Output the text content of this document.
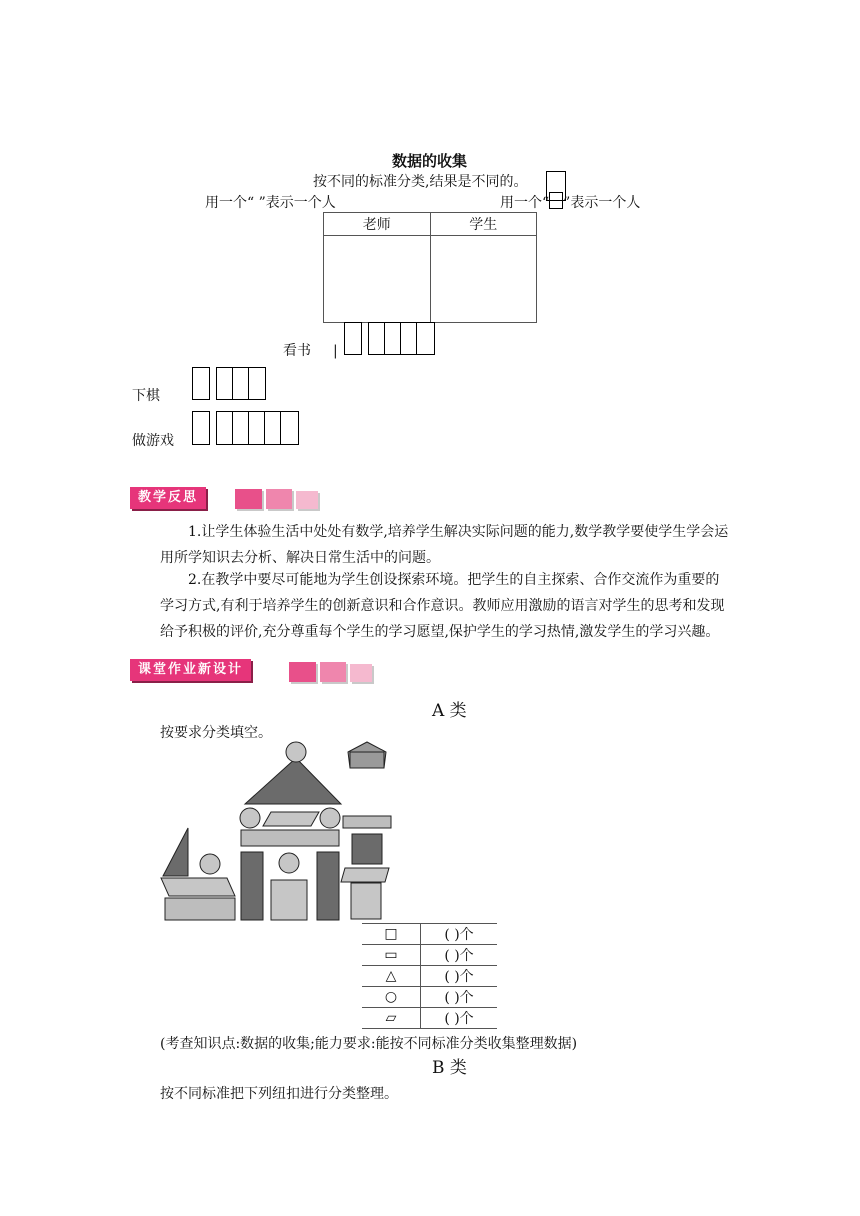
数据的收集
按不同的标准分类,结果是不同的。
用一个“ ”表示一个人	用一个“ ”表示一个人
老师	学生

看书 |
下棋
做游戏
教学反思
1.让学生体验生活中处处有数学,培养学生解决实际问题的能力,数学教学要使学生学会运用所学知识去分析、解决日常生活中的问题。
2.在教学中要尽可能地为学生创设探索环境。把学生的自主探索、合作交流作为重要的学习方式,有利于培养学生的创新意识和合作意识。教师应用激励的语言对学生的思考和发现给予积极的评价,充分尊重每个学生的学习愿望,保护学生的学习热情,激发学生的学习兴趣。
课堂作业新设计
A 类
按要求分类填空。
□	( )个
▭	( )个
△	( )个
○	( )个
▱	( )个
(考查知识点:数据的收集;能力要求:能按不同标准分类收集整理数据)
B 类
按不同标准把下列纽扣进行分类整理。
